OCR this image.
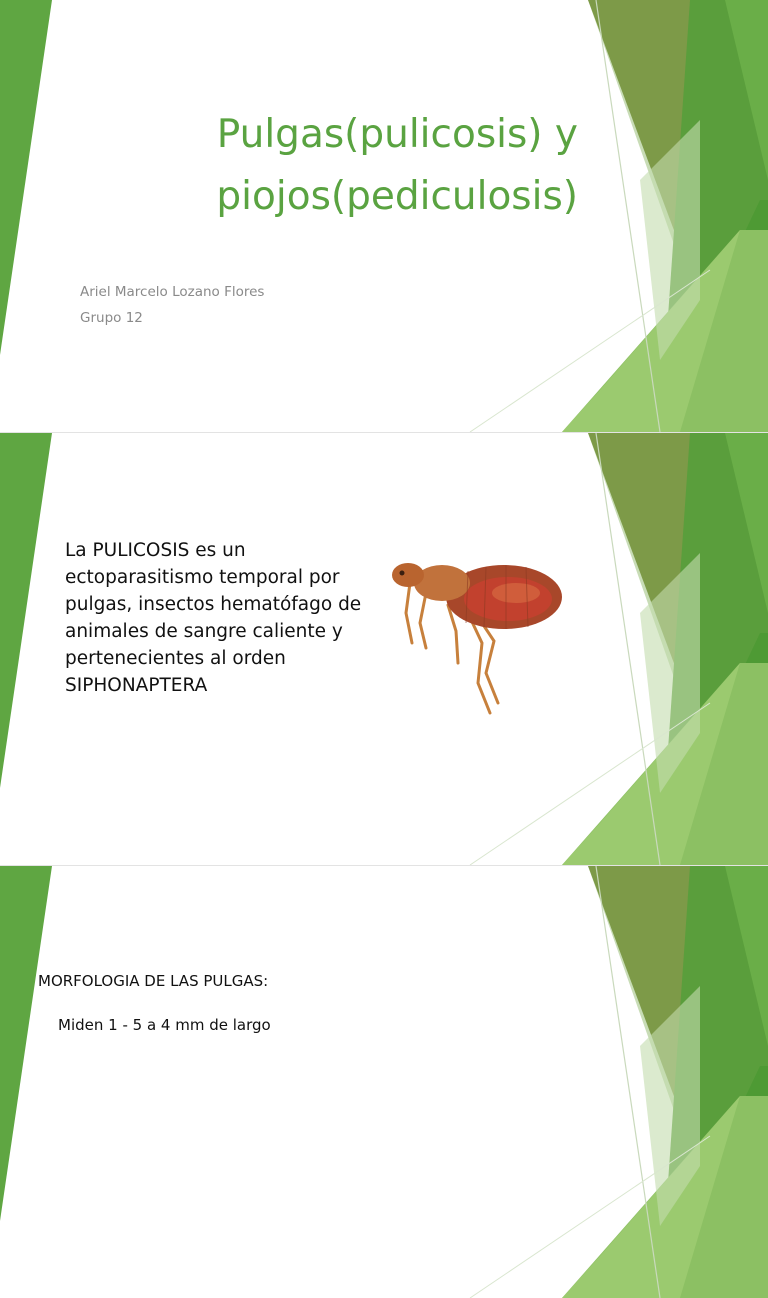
Pulgas(pulicosis) y piojos(pediculosis)

Ariel Marcelo Lozano Flores

Grupo 12

La PULICOSIS es un ectoparasitismo temporal por pulgas, insectos hematófago de animales de sangre caliente y pertenecientes al orden SIPHONAPTERA

MORFOLOGIA DE LAS PULGAS:

Miden 1 - 5 a 4 mm de largo
